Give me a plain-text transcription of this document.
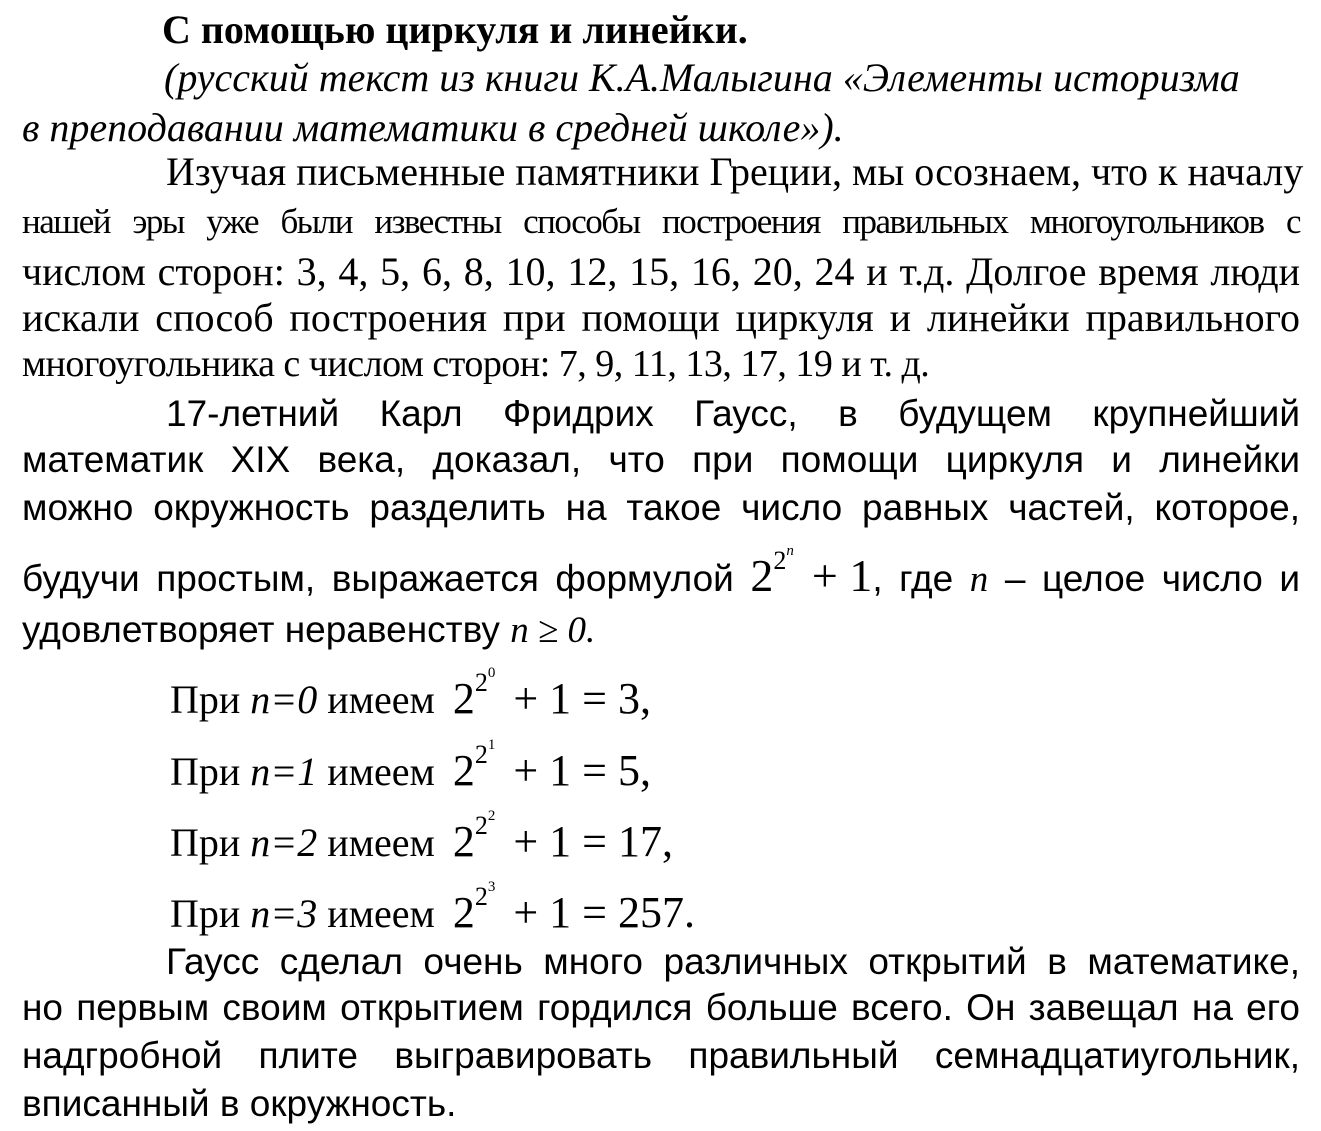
С помощью циркуля и линейки.
(русский текст из книги К.А.Малыгина «Элементы историзма
в преподавании математики в средней школе»).
Изучая письменные памятники Греции, мы осознаем, что к началу
нашей эры уже были известны способы построения правильных многоугольников с
числом сторон: 3, 4, 5, 6, 8, 10, 12, 15, 16, 20, 24 и т.д. Долгое время люди
искали способ построения при помощи циркуля и линейки правильного
многоугольника с числом сторон: 7, 9, 11, 13, 17, 19 и т. д.
17-летний Карл Фридрих Гаусс, в будущем крупнейший
математик XIX века, доказал, что при помощи циркуля и линейки
можно окружность разделить на такое число равных частей, которое,
будучи простым, выражается формулой $2^{2n} + 1$, где n – целое число и
удовлетворяет неравенству n ≥ 0.
При n=0 имеем $2^{20}+ 1 = 3$,
При n=1 имеем $2^{21}+ 1 = 5$,
При n=2 имеем $2^{22}+ 1 = 17$,
При n=3 имеем $2^{23}+ 1 = 257$.
Гаусс сделал очень много различных открытий в математике,
но первым своим открытием гордился больше всего. Он завещал на его
надгробной плите выгравировать правильный семнадцатиугольник,
вписанный в окружность.
